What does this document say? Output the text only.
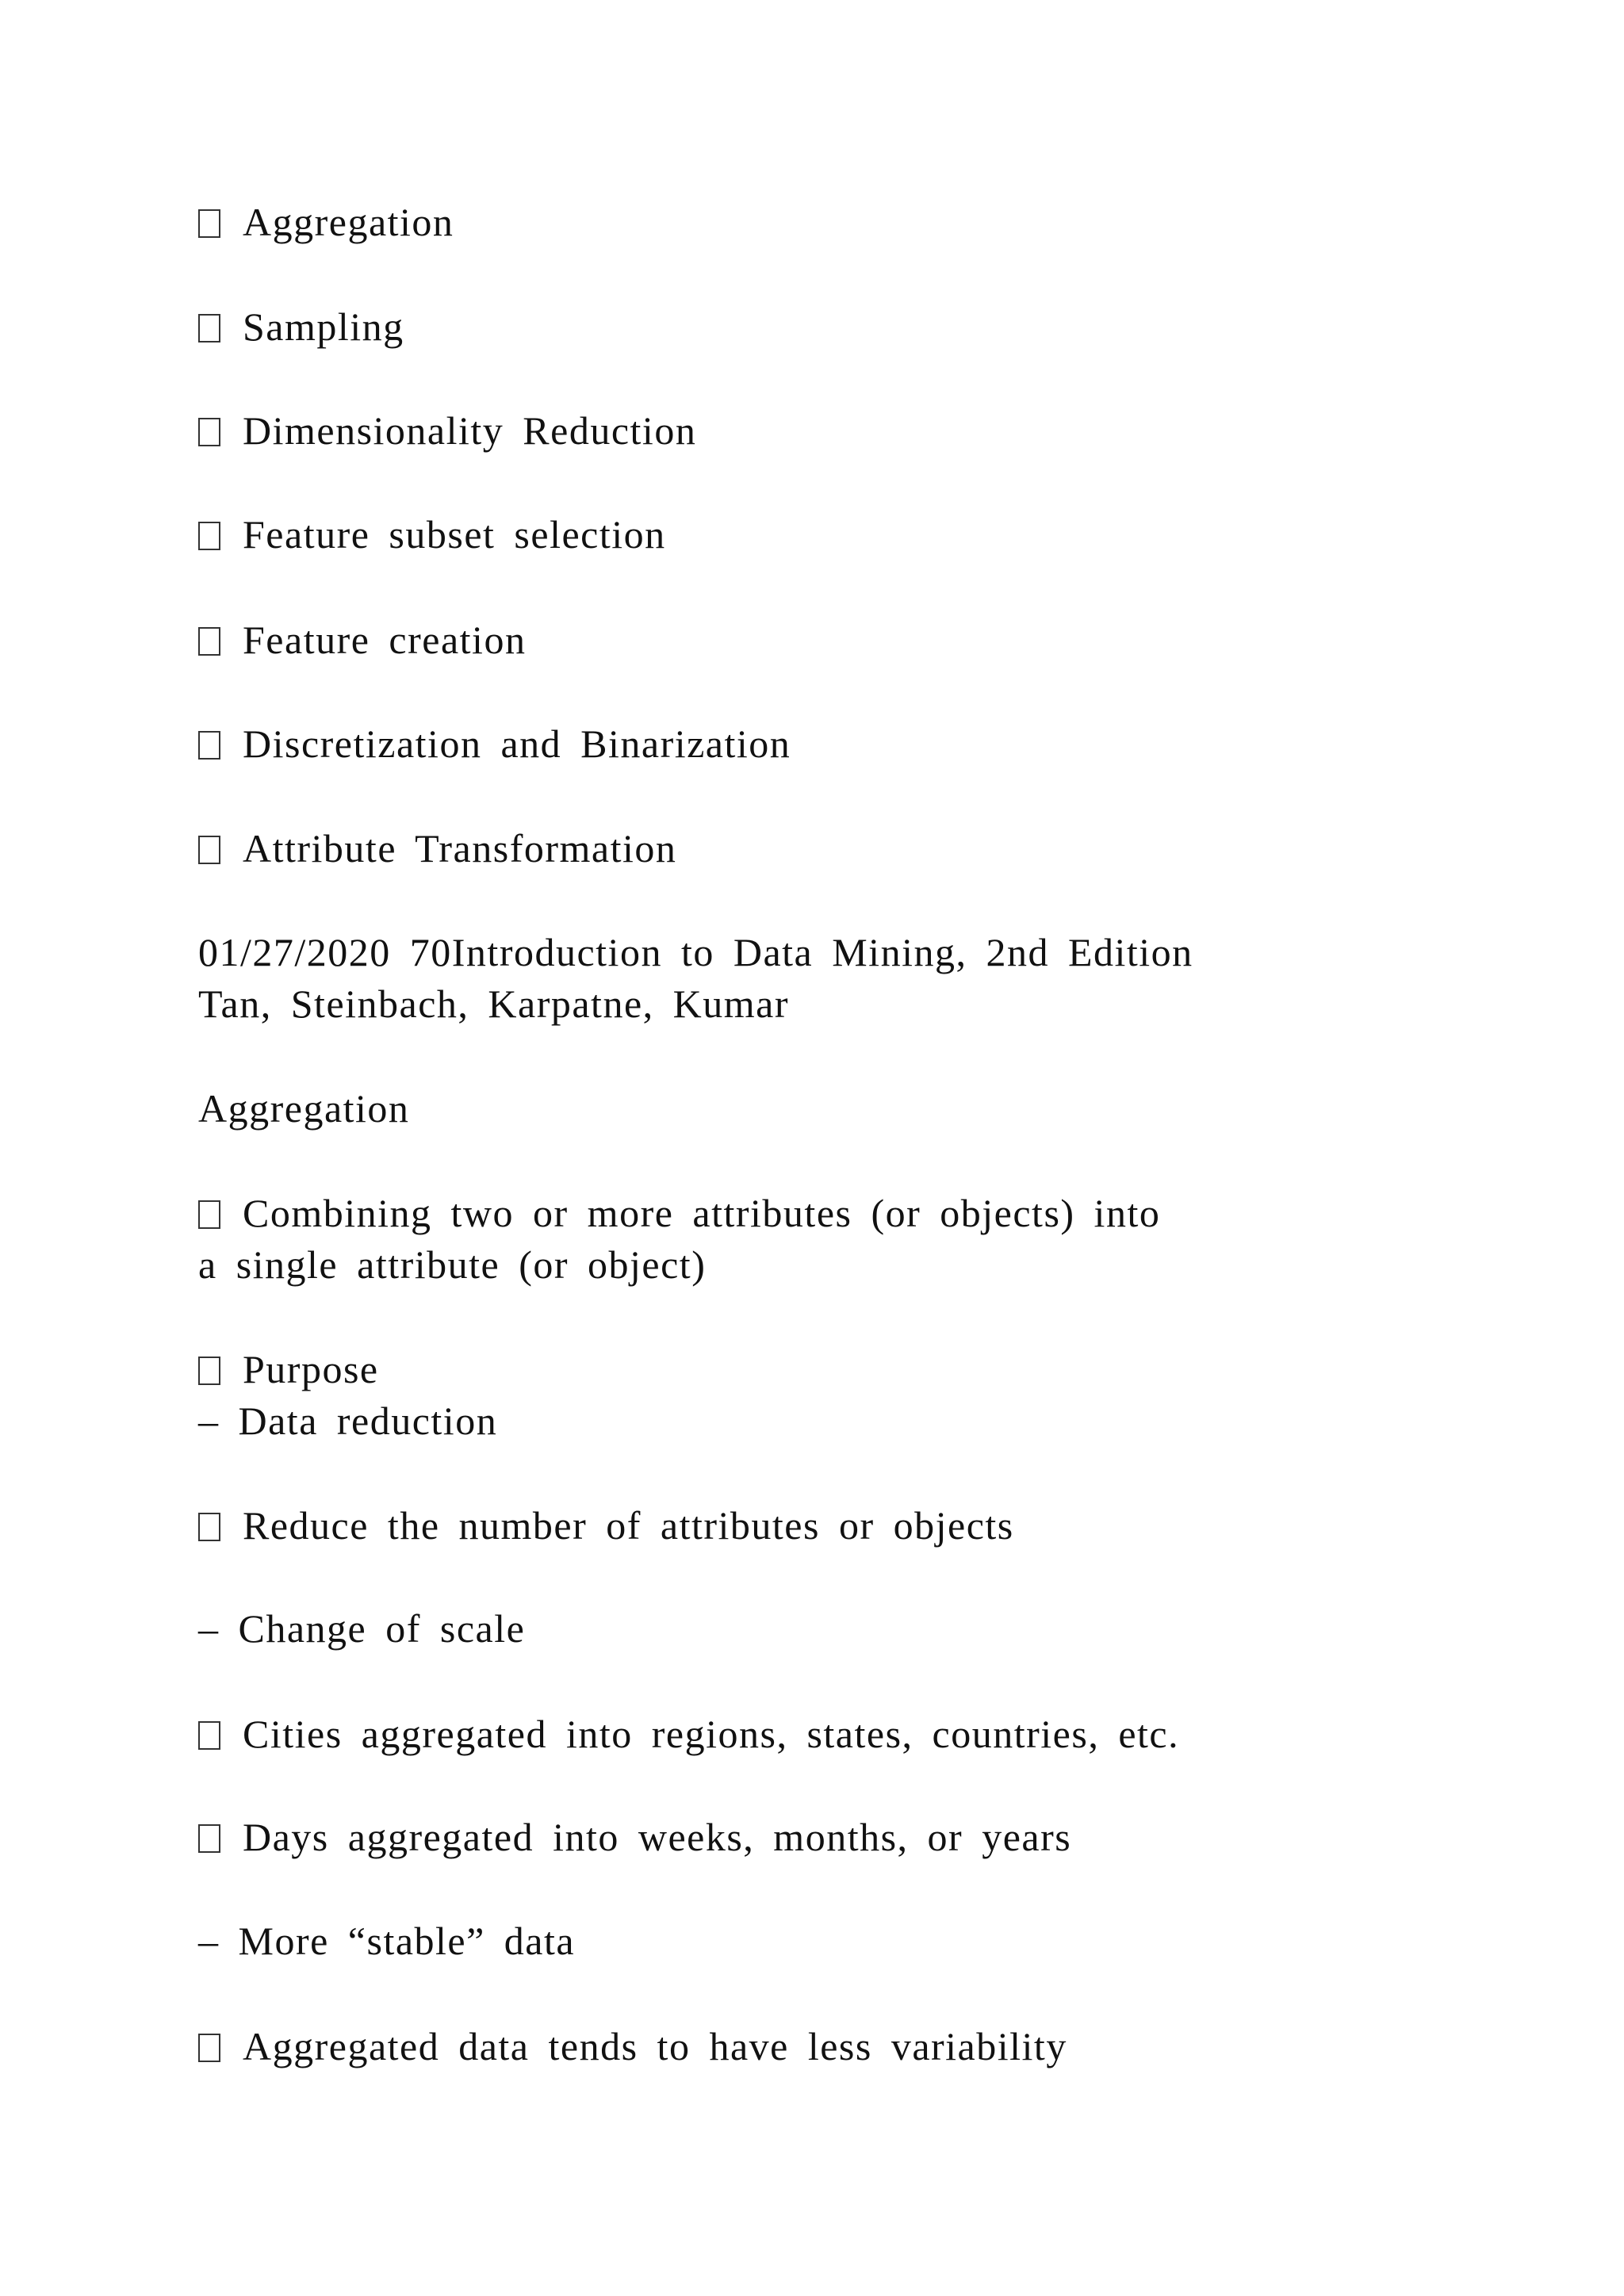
Aggregation
Sampling
Dimensionality Reduction
Feature subset selection
Feature creation
Discretization and Binarization
Attribute Transformation
01/27/2020 70Introduction to Data Mining, 2nd Edition
Tan, Steinbach, Karpatne, Kumar
Aggregation
Combining two or more attributes (or objects) into
a single attribute (or object)
Purpose
– Data reduction
Reduce the number of attributes or objects
– Change of scale
Cities aggregated into regions, states, countries, etc.
Days aggregated into weeks, months, or years
– More “stable” data
Aggregated data tends to have less variability
